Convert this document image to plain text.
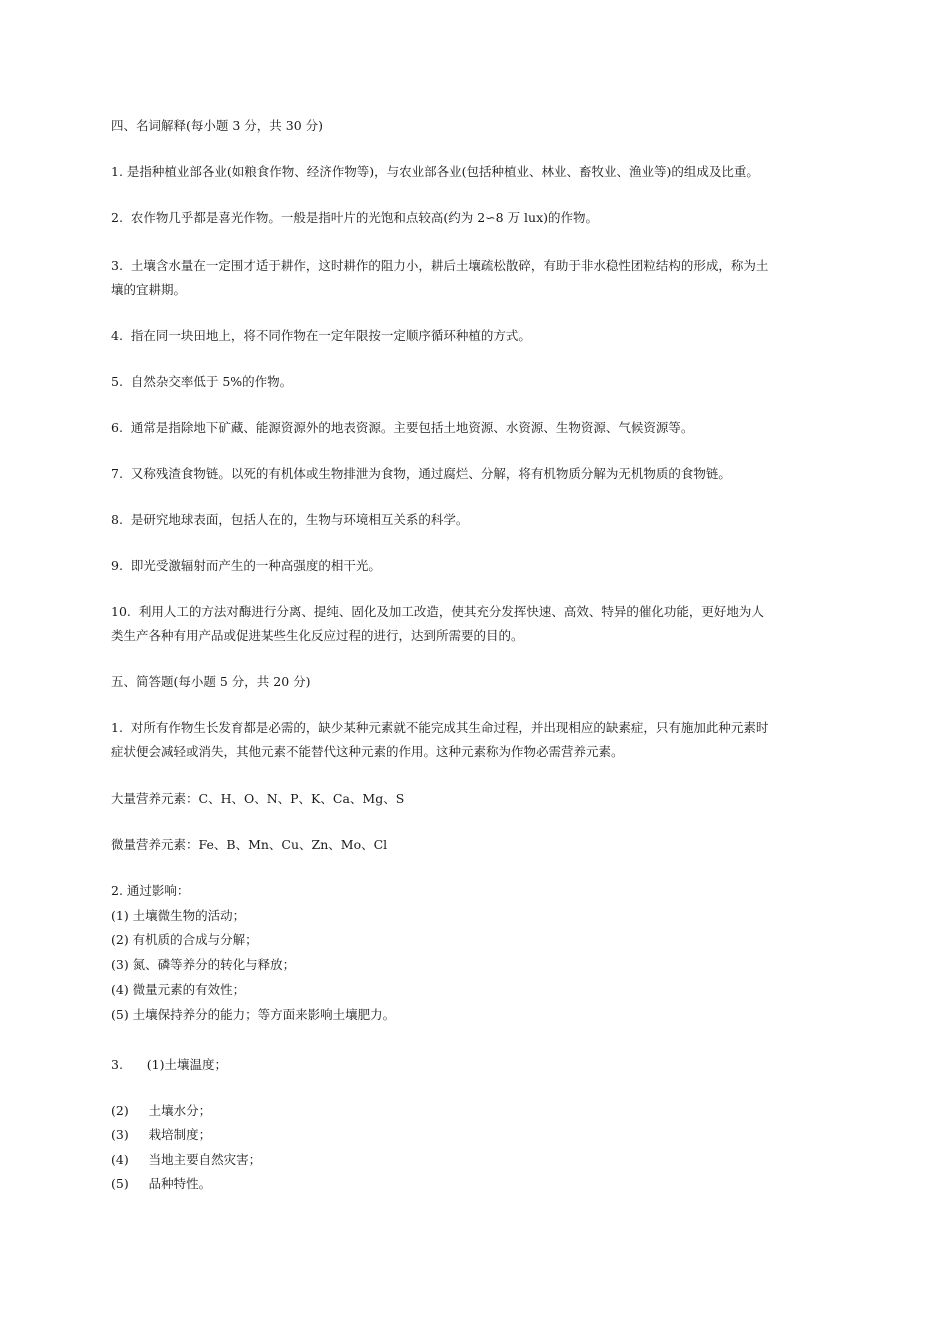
四、名词解释(每小题 3 分，共 30 分)
1. 是指种植业部各业(如粮食作物、经济作物等)，与农业部各业(包括种植业、林业、畜牧业、渔业等)的组成及比重。
2.  农作物几乎都是喜光作物。一般是指叶片的光饱和点较高(约为 2∽8 万 lux)的作物。
3.  土壤含水量在一定围才适于耕作，这时耕作的阻力小，耕后土壤疏松散碎，有助于非水稳性团粒结构的形成，称为土
壤的宜耕期。
4.  指在同一块田地上，将不同作物在一定年限按一定顺序循环种植的方式。
5.  自然杂交率低于 5%的作物。
6.  通常是指除地下矿藏、能源资源外的地表资源。主要包括土地资源、水资源、生物资源、气候资源等。
7.  又称残渣食物链。以死的有机体或生物排泄为食物，通过腐烂、分解，将有机物质分解为无机物质的食物链。
8.  是研究地球表面，包括人在的，生物与环境相互关系的科学。
9.  即光受激辐射而产生的一种高强度的相干光。
10.  利用人工的方法对酶进行分离、提纯、固化及加工改造，使其充分发挥快速、高效、特异的催化功能，更好地为人
类生产各种有用产品或促进某些生化反应过程的进行，达到所需要的目的。
五、简答题(每小题 5 分，共 20 分)
1.  对所有作物生长发育都是必需的，缺少某种元素就不能完成其生命过程，并出现相应的缺素症，只有施加此种元素时
症状便会减轻或消失，其他元素不能替代这种元素的作用。这种元素称为作物必需营养元素。
大量营养元素：C、H、O、N、P、K、Ca、Mg、S
微量营养元素：Fe、B、Mn、Cu、Zn、Mo、Cl
2. 通过影响：
(1) 土壤微生物的活动；
(2) 有机质的合成与分解；
(3) 氮、磷等养分的转化与释放；
(4) 微量元素的有效性；
(5) 土壤保持养分的能力；等方面来影响土壤肥力。
3.      (1)土壤温度；
(2)     土壤水分；
(3)     栽培制度；
(4)     当地主要自然灾害；
(5)     品种特性。
